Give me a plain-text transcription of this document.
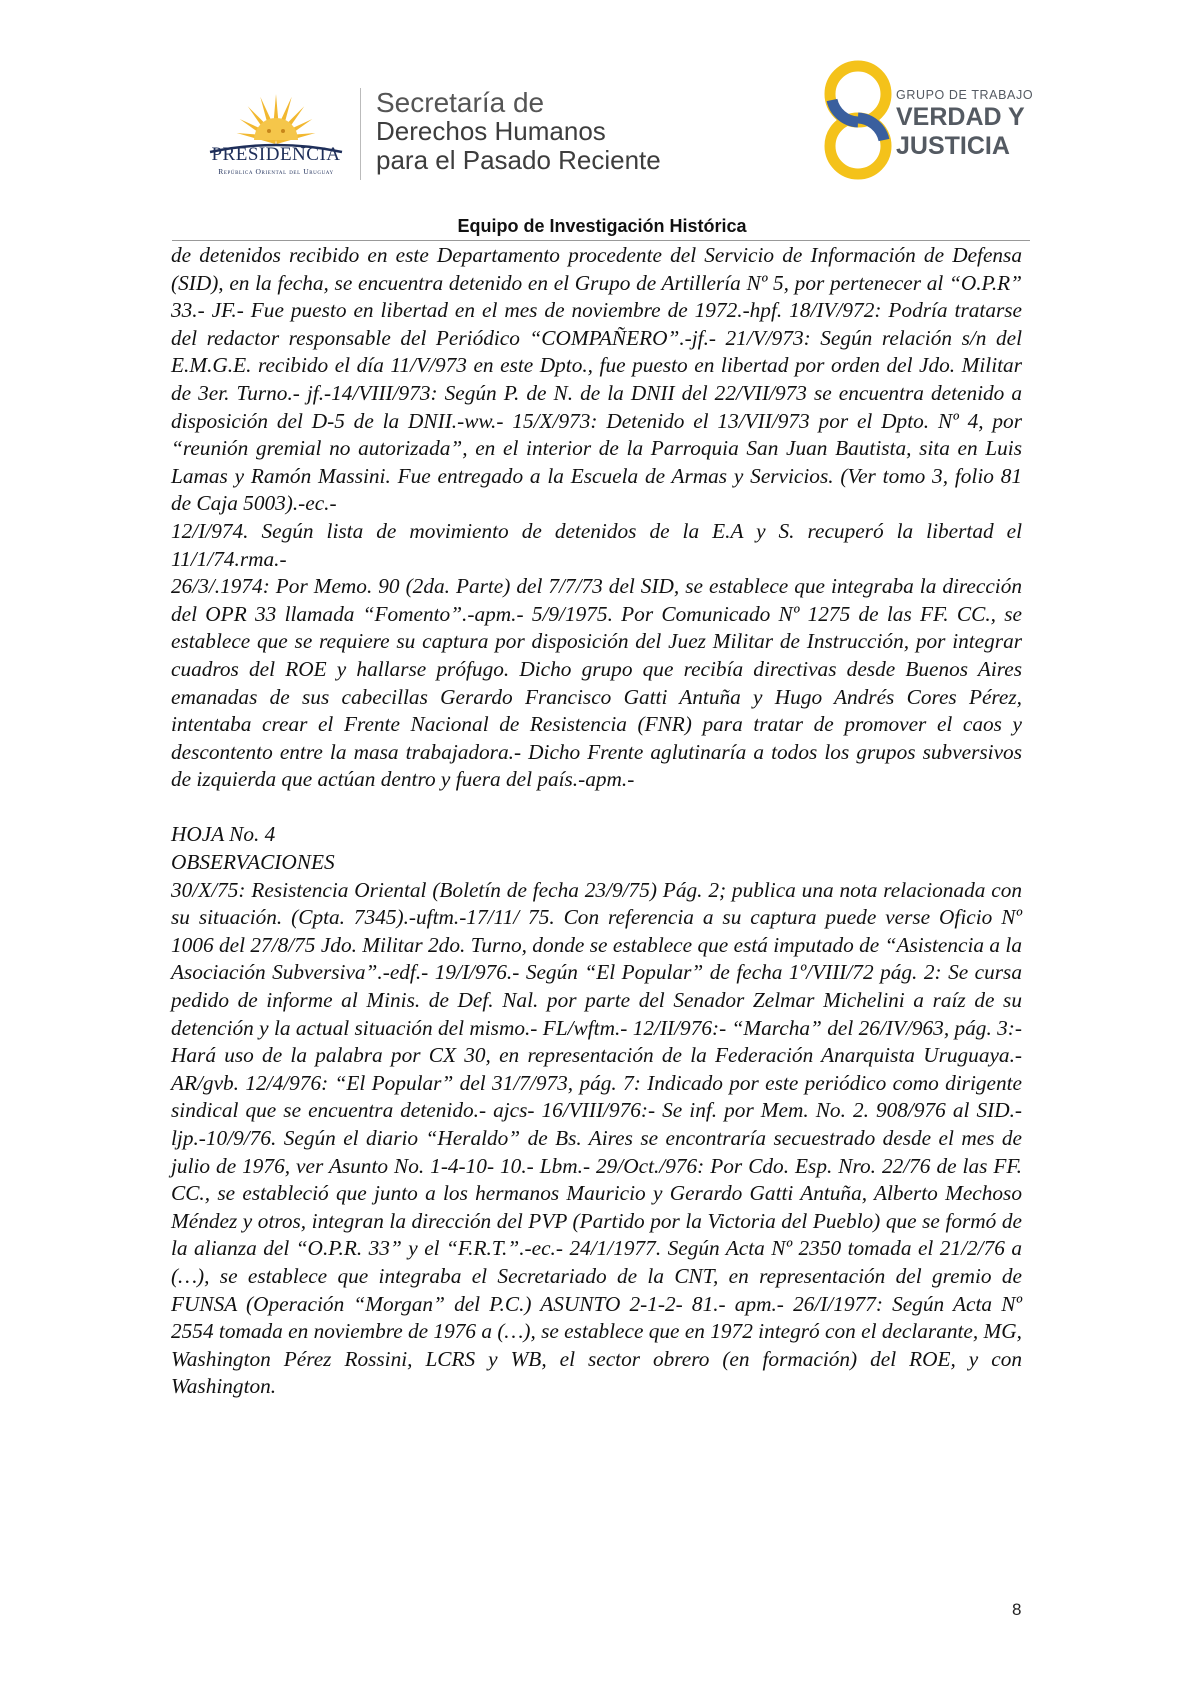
PRESIDENCIA
República Oriental del Uruguay
Secretaría de
Derechos Humanos
para el Pasado Reciente
GRUPO DE TRABAJO
VERDAD Y
JUSTICIA
Equipo de Investigación Histórica

de detenidos recibido en este Departamento procedente del Servicio de Información de Defensa (SID), en la fecha, se encuentra detenido en el Grupo de Artillería Nº 5, por pertenecer al “O.P.R” 33.- JF.- Fue puesto en libertad en el mes de noviembre de 1972.-hpf. 18/IV/972: Podría tratarse del redactor responsable del Periódico “COMPAÑERO”.-jf.- 21/V/973: Según relación s/n del E.M.G.E. recibido el día 11/V/973 en este Dpto., fue puesto en libertad por orden del Jdo. Militar de 3er. Turno.- jf.-14/VIII/973: Según P. de N. de la DNII del 22/VII/973 se encuentra detenido a disposición del D-5 de la DNII.-ww.- 15/X/973: Detenido el 13/VII/973 por el Dpto. Nº 4, por “reunión gremial no autorizada”, en el interior de la Parroquia San Juan Bautista, sita en Luis Lamas y Ramón Massini. Fue entregado a la Escuela de Armas y Servicios. (Ver tomo 3, folio 81 de Caja 5003).-ec.-

12/I/974. Según lista de movimiento de detenidos de la E.A y S. recuperó la libertad el 11/1/74.rma.-

26/3/.1974: Por Memo. 90 (2da. Parte) del 7/7/73 del SID, se establece que integraba la dirección del OPR 33 llamada “Fomento”.-apm.- 5/9/1975. Por Comunicado Nº 1275 de las FF. CC., se establece que se requiere su captura por disposición del Juez Militar de Instrucción, por integrar cuadros del ROE y hallarse prófugo. Dicho grupo que recibía directivas desde Buenos Aires emanadas de sus cabecillas Gerardo Francisco Gatti Antuña y Hugo Andrés Cores Pérez, intentaba crear el Frente Nacional de Resistencia (FNR) para tratar de promover el caos y descontento entre la masa trabajadora.- Dicho Frente aglutinaría a todos los grupos subversivos de izquierda que actúan dentro y fuera del país.-apm.-

HOJA No. 4

OBSERVACIONES

30/X/75: Resistencia Oriental (Boletín de fecha 23/9/75) Pág. 2; publica una nota relacionada con su situación. (Cpta. 7345).-uftm.-17/11/ 75. Con referencia a su captura puede verse Oficio Nº 1006 del 27/8/75 Jdo. Militar 2do. Turno, donde se establece que está imputado de “Asistencia a la Asociación Subversiva”.-edf.- 19/I/976.- Según “El Popular” de fecha 1º/VIII/72 pág. 2: Se cursa pedido de informe al Minis. de Def. Nal. por parte del Senador Zelmar Michelini a raíz de su detención y la actual situación del mismo.- FL/wftm.- 12/II/976:- “Marcha” del 26/IV/963, pág. 3:- Hará uso de la palabra por CX 30, en representación de la Federación Anarquista Uruguaya.- AR/gvb. 12/4/976: “El Popular” del 31/7/973, pág. 7: Indicado por este periódico como dirigente sindical que se encuentra detenido.- ajcs- 16/VIII/976:- Se inf. por Mem. No. 2. 908/976 al SID.- ljp.-10/9/76. Según el diario “Heraldo” de Bs. Aires se encontraría secuestrado desde el mes de julio de 1976, ver Asunto No. 1-4-10- 10.- Lbm.- 29/Oct./976: Por Cdo. Esp. Nro. 22/76 de las FF. CC., se estableció que junto a los hermanos Mauricio y Gerardo Gatti Antuña, Alberto Mechoso Méndez y otros, integran la dirección del PVP (Partido por la Victoria del Pueblo) que se formó de la alianza del “O.P.R. 33” y el “F.R.T.”.-ec.- 24/1/1977. Según Acta Nº 2350 tomada el 21/2/76 a (…), se establece que integraba el Secretariado de la CNT, en representación del gremio de FUNSA (Operación “Morgan” del P.C.) ASUNTO 2-1-2- 81.- apm.- 26/I/1977: Según Acta Nº 2554 tomada en noviembre de 1976 a (…), se establece que en 1972 integró con el declarante, MG, Washington Pérez Rossini, LCRS y WB, el sector obrero (en formación) del ROE, y con Washington.

8
